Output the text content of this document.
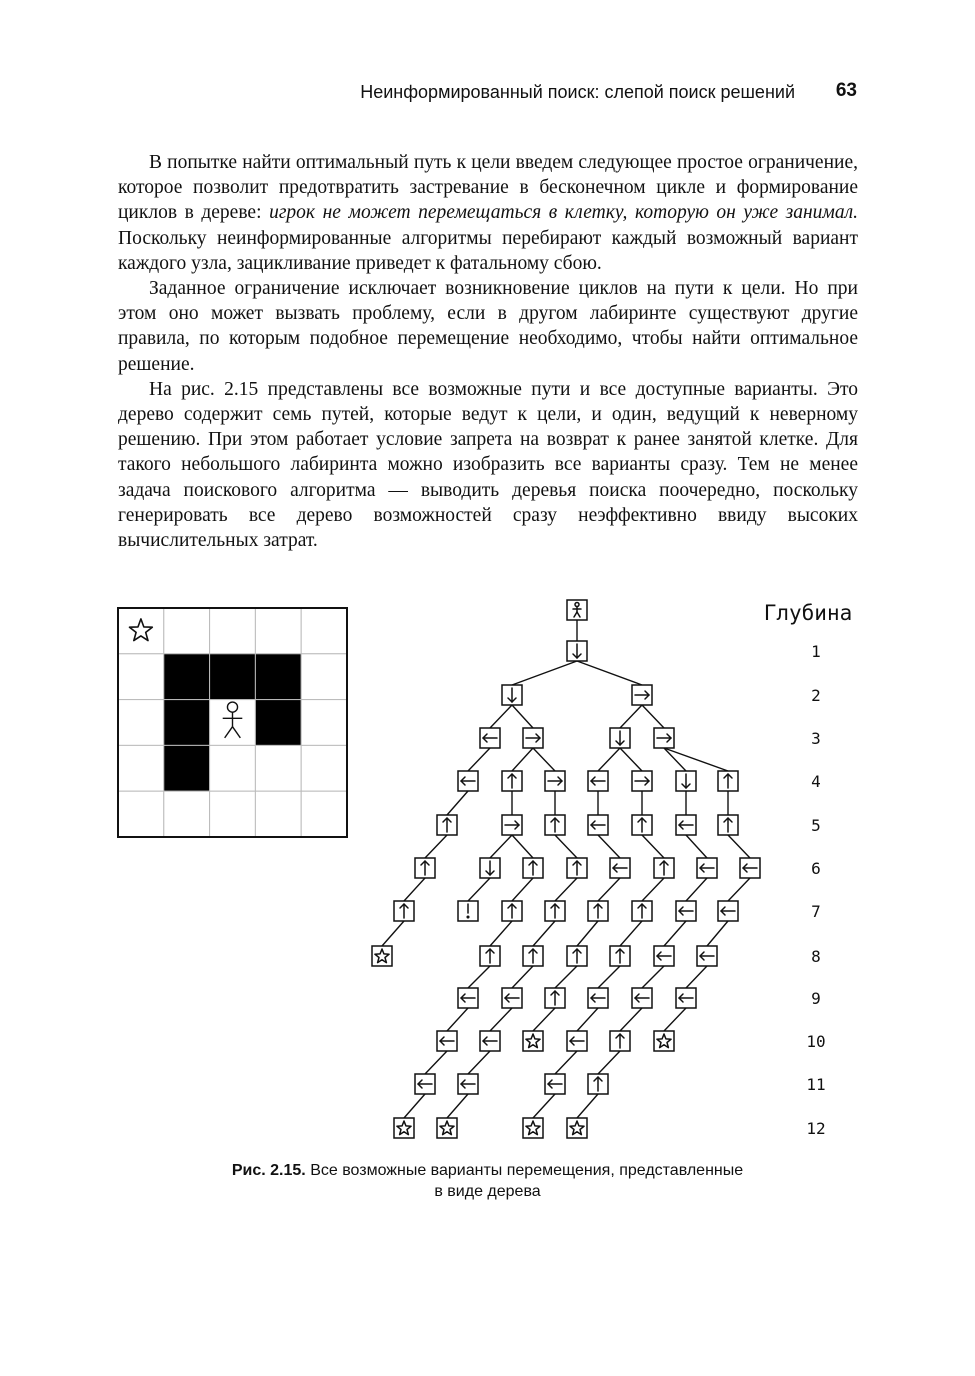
Неинформированный поиск: слепой поиск решений 63

В попытке найти оптимальный путь к цели введем следующее простое ограничение, которое позволит предотвратить застревание в бесконечном цикле и формирование циклов в дереве: игрок не может перемещаться в клетку, которую он уже занимал. Поскольку неинформированные алгоритмы перебирают каждый возможный вариант каждого узла, зацикливание приведет к фатальному сбою.

Заданное ограничение исключает возникновение циклов на пути к цели. Но при этом оно может вызвать проблему, если в другом лабиринте существуют другие правила, по которым подобное перемещение необходимо, чтобы найти оптимальное решение.

На рис. 2.15 представлены все возможные пути и все доступные варианты. Это дерево содержит семь путей, которые ведут к цели, и один, ведущий к неверному решению. При этом работает условие запрета на возврат к ранее занятой клетке. Для такого небольшого лабиринта можно изобразить все варианты сразу. Тем не менее задача поискового алгоритма — выводить деревья поиска поочередно, поскольку генерировать все дерево возможностей сразу неэффективно ввиду высоких вычислительных затрат.

Глубина
1
2
3
4
5
6
7
8
9
10
11
12
Рис. 2.15. Все возможные варианты перемещения, представленные
в виде дерева
